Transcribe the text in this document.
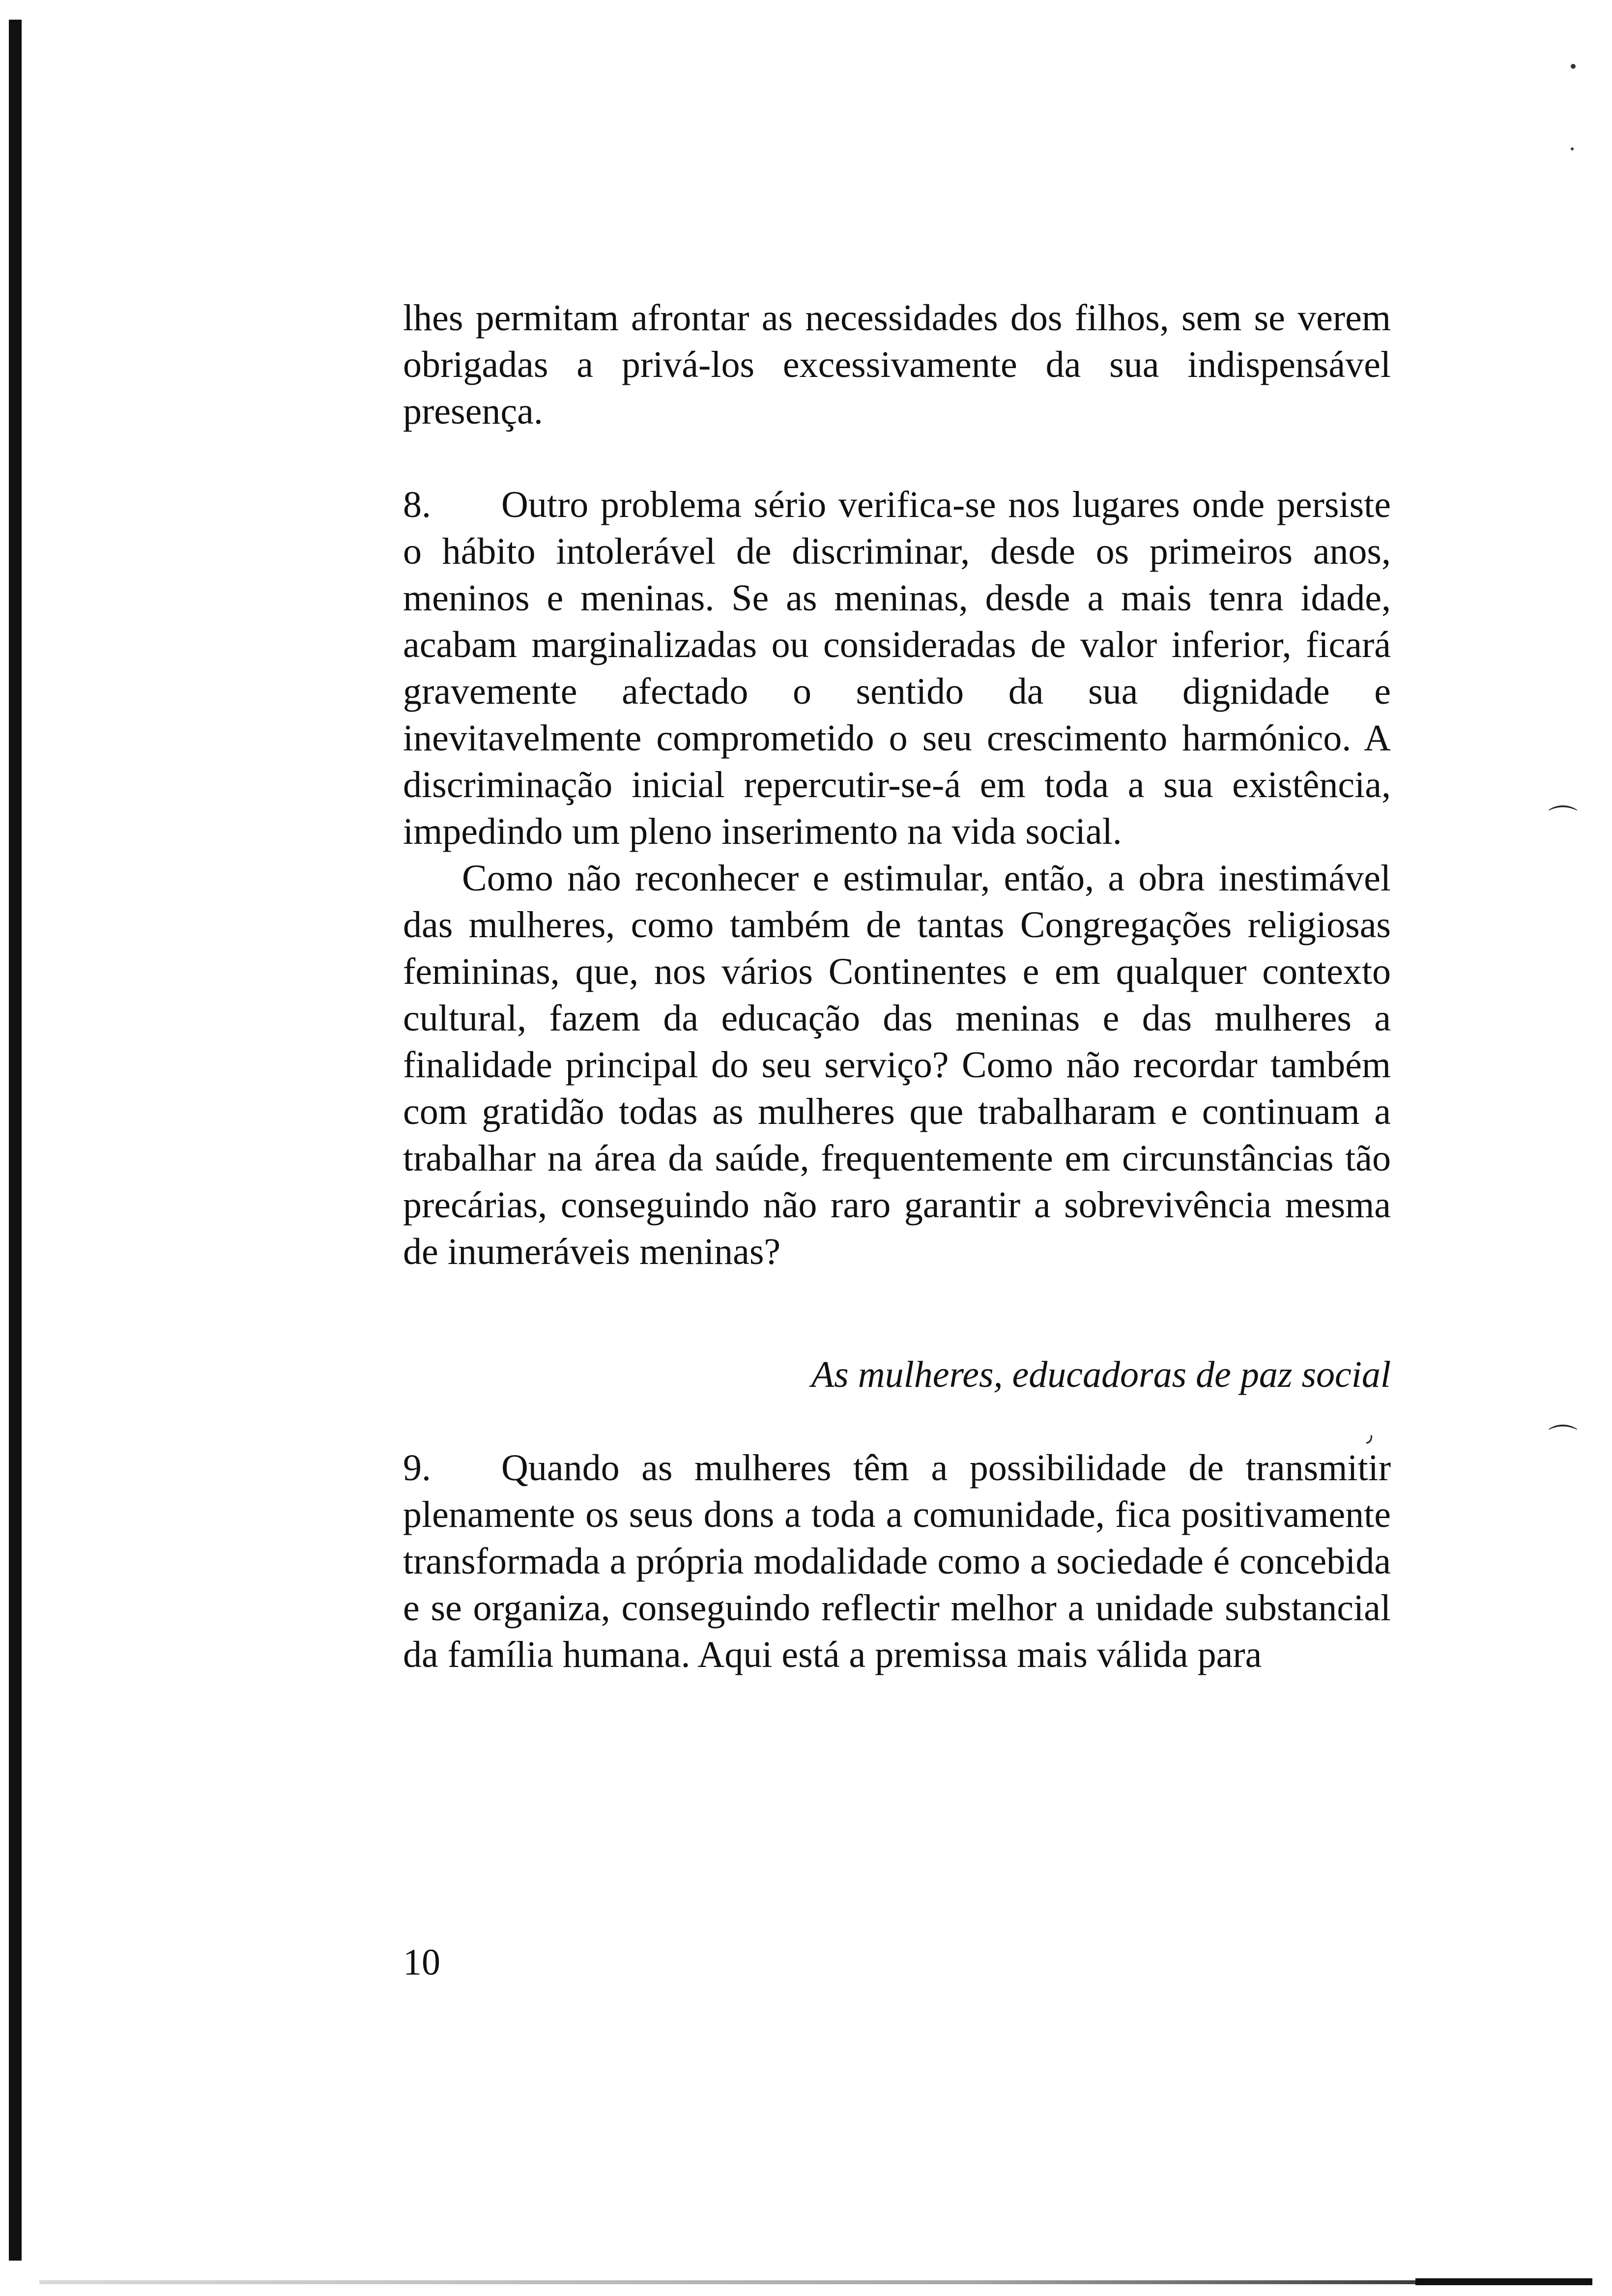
⌒
⌒
٫

lhes permitam afrontar as necessidades dos filhos, sem se verem obrigadas a privá-los excessivamente da sua indispensável presença.

8. Outro problema sério verifica-se nos lugares onde persiste o hábito intolerável de discriminar, desde os primeiros anos, meninos e meninas. Se as meninas, desde a mais tenra idade, acabam marginalizadas ou consideradas de valor inferior, ficará gravemente afectado o sentido da sua dignidade e inevitavelmente comprometido o seu crescimento harmónico. A discriminação inicial repercutir-se-á em toda a sua existência, impedindo um pleno inserimento na vida social.

Como não reconhecer e estimular, então, a obra inestimável das mulheres, como também de tantas Congregações religiosas femininas, que, nos vários Continentes e em qualquer contexto cultural, fazem da educação das meninas e das mulheres a finalidade principal do seu serviço? Como não recordar também com gratidão todas as mulheres que trabalharam e continuam a trabalhar na área da saúde, frequentemente em circunstâncias tão precárias, conseguindo não raro garantir a sobrevivência mesma de inumeráveis meninas?

As mulheres, educadoras de paz social

9. Quando as mulheres têm a possibilidade de transmitir plenamente os seus dons a toda a comunidade, fica positivamente transformada a própria modalidade como a sociedade é concebida e se organiza, conseguindo reflectir melhor a unidade substancial da família humana. Aqui está a premissa mais válida para

10
